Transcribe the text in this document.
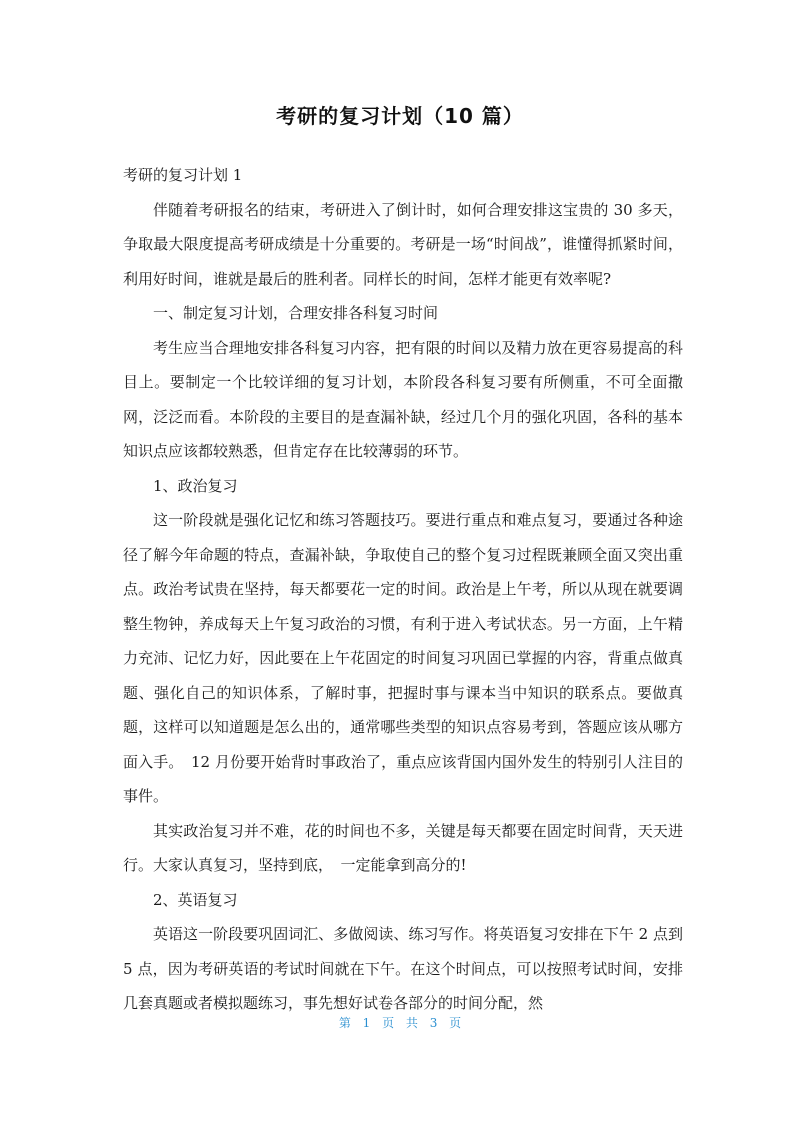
考研的复习计划（10 篇）

考研的复习计划 1

伴随着考研报名的结束，考研进入了倒计时，如何合理安排这宝贵的 30 多天，争取最大限度提高考研成绩是十分重要的。考研是一场“时间战”，谁懂得抓紧时间，利用好时间，谁就是最后的胜利者。同样长的时间，怎样才能更有效率呢?

一、制定复习计划，合理安排各科复习时间

考生应当合理地安排各科复习内容，把有限的时间以及精力放在更容易提高的科目上。要制定一个比较详细的复习计划，本阶段各科复习要有所侧重，不可全面撒网，泛泛而看。本阶段的主要目的是查漏补缺，经过几个月的强化巩固，各科的基本知识点应该都较熟悉，但肯定存在比较薄弱的环节。

1、政治复习

这一阶段就是强化记忆和练习答题技巧。要进行重点和难点复习，要通过各种途径了解今年命题的特点，查漏补缺，争取使自己的整个复习过程既兼顾全面又突出重点。政治考试贵在坚持，每天都要花一定的时间。政治是上午考，所以从现在就要调整生物钟，养成每天上午复习政治的习惯，有利于进入考试状态。另一方面，上午精力充沛、记忆力好，因此要在上午花固定的时间复习巩固已掌握的内容，背重点做真题、强化自己的知识体系，了解时事，把握时事与课本当中知识的联系点。要做真题，这样可以知道题是怎么出的，通常哪些类型的知识点容易考到，答题应该从哪方面入手。　12 月份要开始背时事政治了，重点应该背国内国外发生的特别引人注目的事件。

其实政治复习并不难，花的时间也不多，关键是每天都要在固定时间背，天天进行。大家认真复习，坚持到底，　一定能拿到高分的!

2、英语复习

英语这一阶段要巩固词汇、多做阅读、练习写作。将英语复习安排在下午 2 点到 5 点，因为考研英语的考试时间就在下午。在这个时间点，可以按照考试时间，安排几套真题或者模拟题练习，事先想好试卷各部分的时间分配，然

第 1 页 共 3 页
